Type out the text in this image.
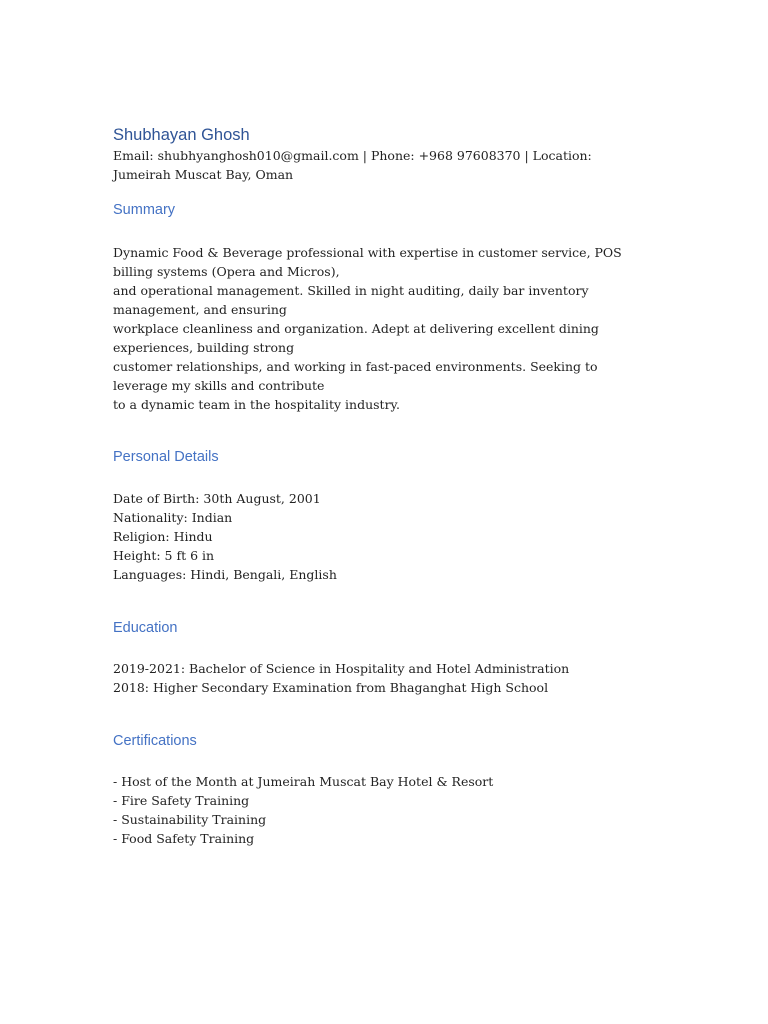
Shubhayan Ghosh

Email: shubhyanghosh010@gmail.com | Phone: +968 97608370 | Location: Jumeirah Muscat Bay, Oman

Summary

Dynamic Food & Beverage professional with expertise in customer service, POS billing systems (Opera and Micros),

and operational management. Skilled in night auditing, daily bar inventory management, and ensuring

workplace cleanliness and organization. Adept at delivering excellent dining experiences, building strong

customer relationships, and working in fast-paced environments. Seeking to leverage my skills and contribute

to a dynamic team in the hospitality industry.

Personal Details

Date of Birth: 30th August, 2001

Nationality: Indian

Religion: Hindu

Height: 5 ft 6 in

Languages: Hindi, Bengali, English

Education

2019-2021: Bachelor of Science in Hospitality and Hotel Administration

2018: Higher Secondary Examination from Bhaganghat High School

Certifications

- Host of the Month at Jumeirah Muscat Bay Hotel & Resort

- Fire Safety Training

- Sustainability Training

- Food Safety Training
